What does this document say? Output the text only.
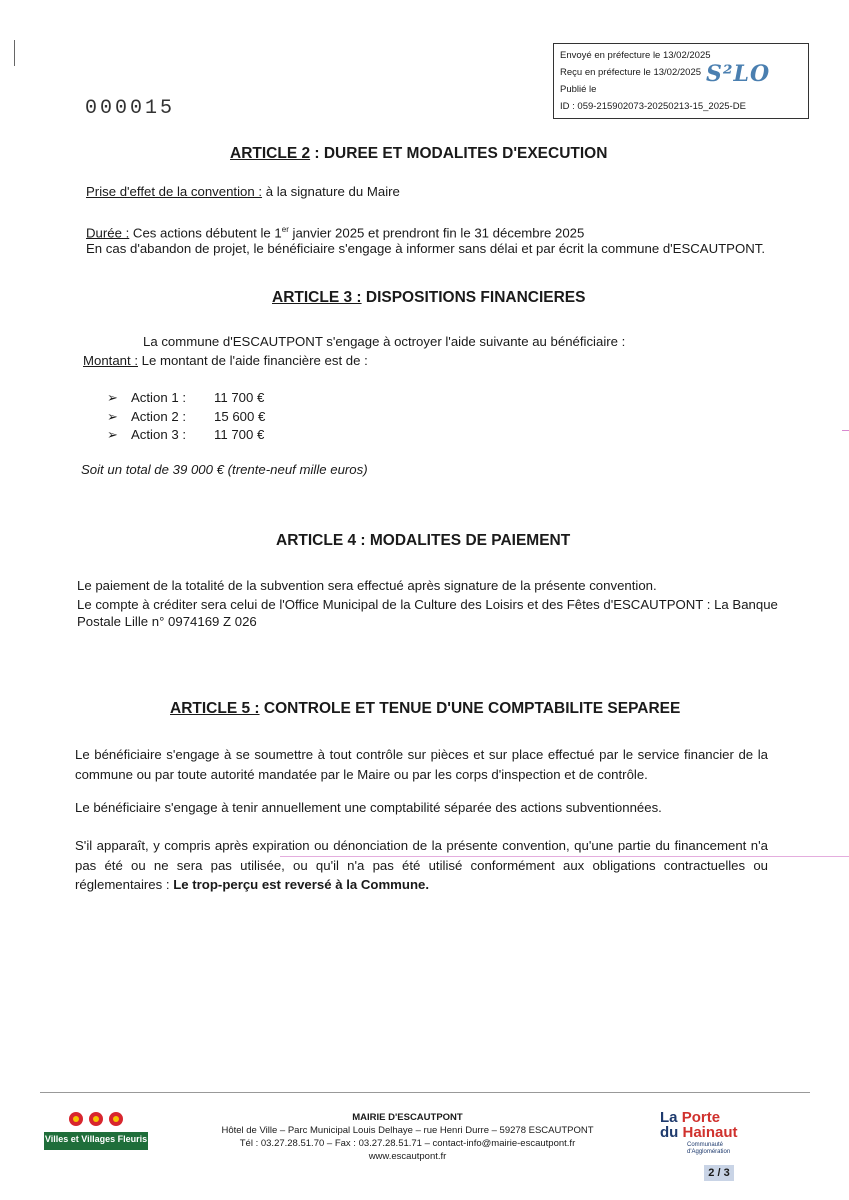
Envoyé en préfecture le 13/02/2025
Reçu en préfecture le 13/02/2025
Publié le
ID : 059-215902073-20250213-15_2025-DE
S²LO
000015
ARTICLE 2 : DUREE ET MODALITES D'EXECUTION
Prise d'effet de la convention : à la signature du Maire
Durée : Ces actions débutent le 1er janvier 2025 et prendront fin le 31 décembre 2025
En cas d'abandon de projet, le bénéficiaire s'engage à informer sans délai et par écrit la commune d'ESCAUTPONT.
ARTICLE 3 : DISPOSITIONS FINANCIERES
La commune d'ESCAUTPONT s'engage à octroyer l'aide suivante au bénéficiaire :
Montant : Le montant de l'aide financière est de :
➢ Action 1 :	11 700 €
➢ Action 2 :	15 600 €
➢ Action 3 :	11 700 €
Soit un total de 39 000 € (trente-neuf mille euros)
ARTICLE 4 : MODALITES DE PAIEMENT
Le paiement de la totalité de la subvention sera effectué après signature de la présente convention.
Le compte à créditer sera celui de l'Office Municipal de la Culture des Loisirs et des Fêtes d'ESCAUTPONT : La Banque
Postale Lille n° 0974169 Z 026
ARTICLE 5 : CONTROLE ET TENUE D'UNE COMPTABILITE SEPAREE
Le bénéficiaire s'engage à se soumettre à tout contrôle sur pièces et sur place effectué par le service financier de la commune ou par toute autorité mandatée par le Maire ou par les corps d'inspection et de contrôle.
Le bénéficiaire s'engage à tenir annuellement une comptabilité séparée des actions subventionnées.
S'il apparaît, y compris après expiration ou dénonciation de la présente convention, qu'une partie du financement n'a pas été ou ne sera pas utilisée, ou qu'il n'a pas été utilisé conformément aux obligations contractuelles ou réglementaires : Le trop-perçu est reversé à la Commune.
Villes et Villages Fleuris
MAIRIE D'ESCAUTPONT
Hôtel de Ville – Parc Municipal Louis Delhaye – rue Henri Durre – 59278 ESCAUTPONT
Tél : 03.27.28.51.70 – Fax : 03.27.28.51.71 – contact-info@mairie-escautpont.fr
www.escautpont.fr
La Porte
du Hainaut
Communauté d'Agglomération
2 / 3
